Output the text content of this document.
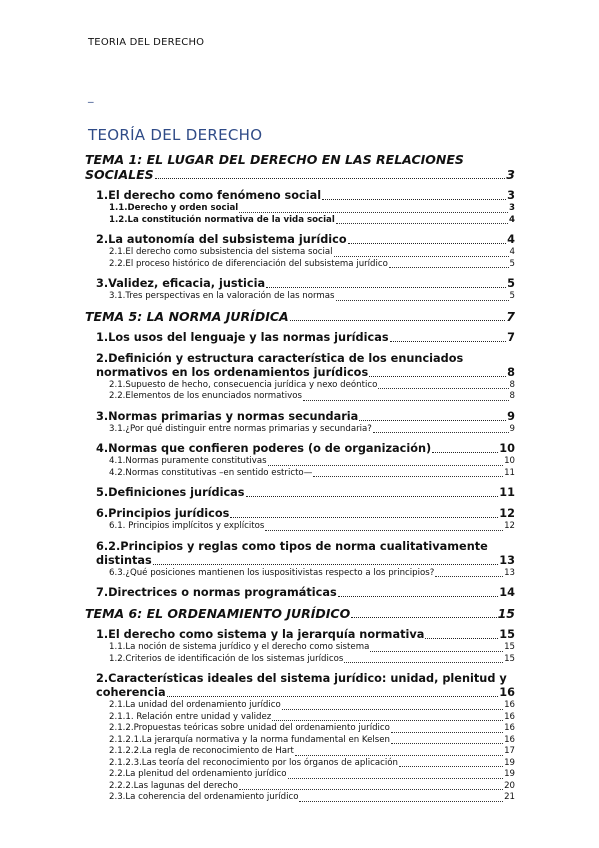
TEORIA DEL DERECHO
_
TEORÍA DEL DERECHO
TEMA 1: EL LUGAR DEL DERECHO EN LAS RELACIONES
SOCIALES	3
1.El derecho como fenómeno social	3
1.1.Derecho y orden social	3
1.2.La constitución normativa de la vida social	4
2.La autonomía del subsistema jurídico	4
2.1.El derecho como subsistencia del sistema social	4
2.2.El proceso histórico de diferenciación del subsistema jurídico	5
3.Validez, eficacia, justicia	5
3.1.Tres perspectivas en la valoración de las normas	5
TEMA 5: LA NORMA JURÍDICA	7
1.Los usos del lenguaje y las normas jurídicas	7
2.Definición y estructura característica de los enunciados
normativos en los ordenamientos jurídicos	8
2.1.Supuesto de hecho, consecuencia jurídica y nexo deóntico	8
2.2.Elementos de los enunciados normativos	8
3.Normas primarias y normas secundaria	9
3.1.¿Por qué distinguir entre normas primarias y secundaria?	9
4.Normas que confieren poderes (o de organización)	10
4.1.Normas puramente constitutivas	10
4.2.Normas constitutivas –en sentido estricto—	11
5.Definiciones jurídicas	11
6.Principios jurídicos	12
6.1. Principios implícitos y explícitos	12
6.2.Principios y reglas como tipos de norma cualitativamente
distintas	13
6.3.¿Qué posiciones mantienen los iuspositivistas respecto a los principios?	13
7.Directrices o normas programáticas	14
TEMA 6: EL ORDENAMIENTO JURÍDICO	15
1.El derecho como sistema y la jerarquía normativa	15
1.1.La noción de sistema jurídico y el derecho como sistema	15
1.2.Criterios de identificación de los sistemas jurídicos	15
2.Características ideales del sistema jurídico: unidad, plenitud y
coherencia	16
2.1.La unidad del ordenamiento jurídico	16
2.1.1. Relación entre unidad y validez	16
2.1.2.Propuestas teóricas sobre unidad del ordenamiento jurídico	16
2.1.2.1.La jerarquía normativa y la norma fundamental en Kelsen	16
2.1.2.2.La regla de reconocimiento de Hart	17
2.1.2.3.Las teoría del reconocimiento por los órganos de aplicación	19
2.2.La plenitud del ordenamiento jurídico	19
2.2.2.Las lagunas del derecho	20
2.3.La coherencia del ordenamiento jurídico	21
